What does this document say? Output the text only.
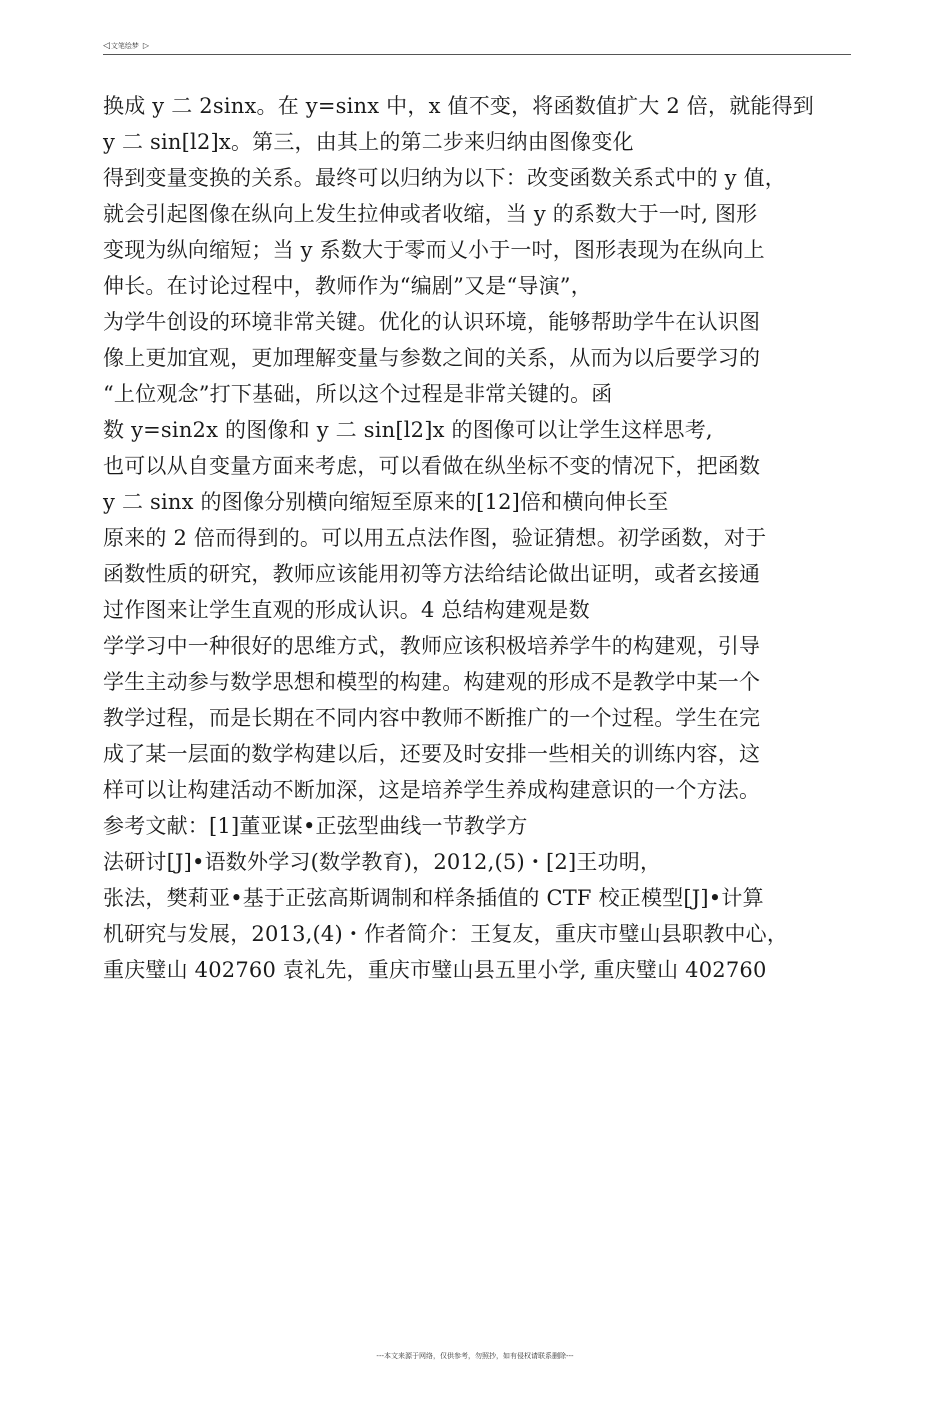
◁文笔绘梦 ▷
换成 y 二 2sinx。在 y=sinx 中，x 值不变，将函数值扩大 2 倍，就能得到
y 二 sin[l2]x。第三，由其上的第二步来归纳由图像变化
得到变量变换的关系。最终可以归纳为以下：改变函数关系式中的 y 值，
就会引起图像在纵向上发生拉伸或者收缩，当 y 的系数大于一吋, 图形
变现为纵向缩短；当 y 系数大于零而乂小于一吋，图形表现为在纵向上
伸长。在讨论过程中，教师作为“编剧”又是“导演”，
为学牛创设的环境非常关键。优化的认识环境，能够帮助学牛在认识图
像上更加宜观，更加理解变量与参数之间的关系，从而为以后要学习的
“上位观念”打下基础，所以这个过程是非常关键的。函
数 y=sin2x 的图像和 y 二 sin[l2]x 的图像可以让学生这样思考,
也可以从自变量方面来考虑，可以看做在纵坐标不变的情况下，把函数
y 二 sinx 的图像分别横向缩短至原来的[12]倍和横向伸长至
原来的 2 倍而得到的。可以用五点法作图，验证猜想。初学函数，对于
函数性质的研究，教师应该能用初等方法给结论做出证明，或者玄接通
过作图来让学生直观的形成认识。4 总结构建观是数
学学习中一种很好的思维方式，教师应该积极培养学牛的构建观，引导
学生主动参与数学思想和模型的构建。构建观的形成不是教学中某一个
教学过程，而是长期在不同内容中教师不断推广的一个过程。学生在完
成了某一层面的数学构建以后，还要及时安排一些相关的训练内容，这
样可以让构建活动不断加深，这是培养学生养成构建意识的一个方法。
参考文献：[1]董亚谋•正弦型曲线一节教学方
法研讨[J]•语数外学习(数学教育)，2012,(5)・[2]王功明，
张法，樊莉亚•基于正弦高斯调制和样条插值的 CTF 校正模型[J]•计算
机研究与发展，2013,(4)・作者简介：王复友，重庆市璧山县职教中心，
重庆璧山 402760 袁礼先，重庆市璧山县五里小学, 重庆璧山 402760
---本文来源于网络，仅供参考，勿照抄，如有侵权请联系删除---
